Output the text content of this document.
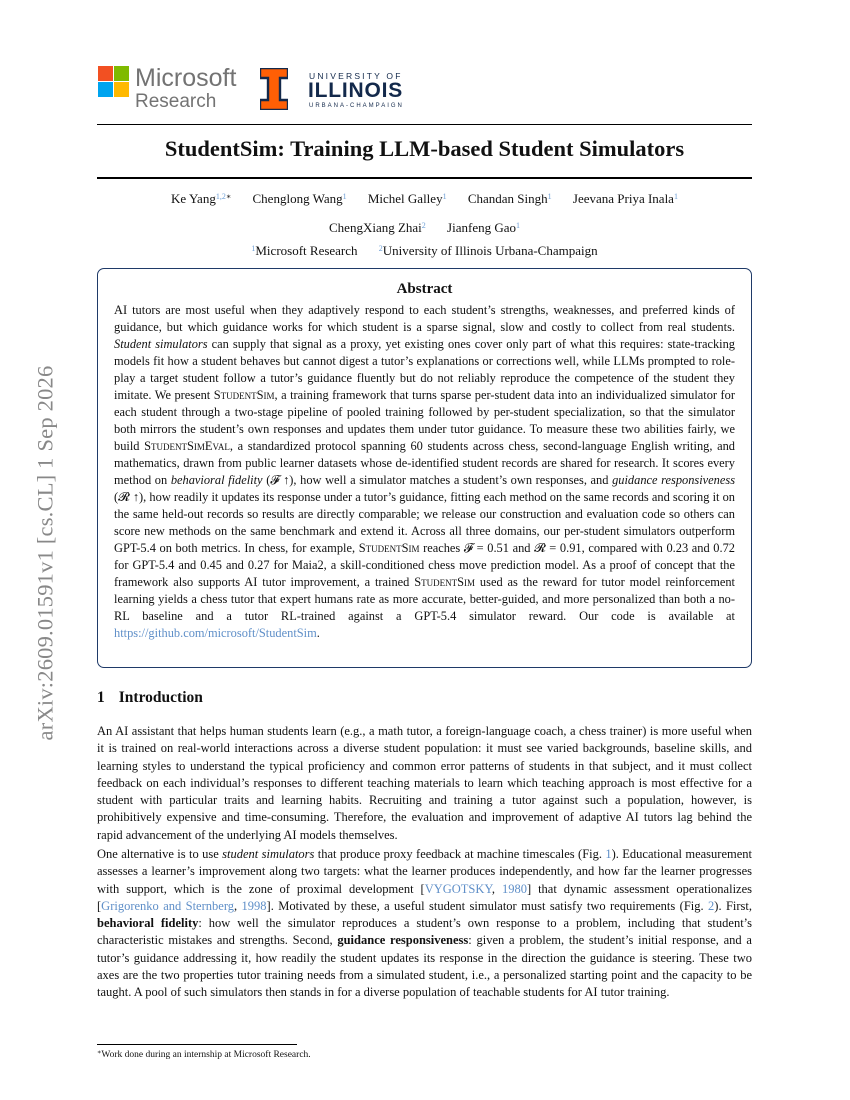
arXiv:2609.01591v1 [cs.CL] 1 Sep 2026
Microsoft
Research
UNIVERSITY OF
ILLINOIS
URBANA-CHAMPAIGN
StudentSim: Training LLM-based Student Simulators
Ke Yang$^{1,2∗}$ Chenglong Wang$^1$ Michel Galley$^1$ Chandan Singh$^1$ Jeevana Priya Inala$^1$
ChengXiang Zhai$^2$ Jianfeng Gao$^1$
$^1$Microsoft Research	$^2$University of Illinois Urbana-Champaign
Abstract
AI tutors are most useful when they adaptively respond to each student’s strengths, weaknesses, and preferred kinds of guidance, but which guidance works for which student is a sparse signal, slow and costly to collect from real students. Student simulators can supply that signal as a proxy, yet existing ones cover only part of what this requires: state-tracking models fit how a student behaves but cannot digest a tutor’s explanations or corrections well, while LLMs prompted to role-play a target student follow a tutor’s guidance fluently but do not reliably reproduce the competence of the student they imitate. We present StudentSim, a training framework that turns sparse per-student data into an individualized simulator for each student through a two-stage pipeline of pooled training followed by per-student specialization, so that the simulator both mirrors the student’s own responses and updates them under tutor guidance. To measure these two abilities fairly, we build StudentSimEval, a standardized protocol spanning 60 students across chess, second-language English writing, and mathematics, drawn from public learner datasets whose de-identified student records are shared for research. It scores every method on behavioral fidelity (𝓕 ↑), how well a simulator matches a student’s own responses, and guidance responsiveness (𝓡 ↑), how readily it updates its response under a tutor’s guidance, fitting each method on the same records and scoring it on the same held-out records so results are directly comparable; we release our construction and evaluation code so others can score new methods on the same benchmark and extend it. Across all three domains, our per-student simulators outperform GPT-5.4 on both metrics. In chess, for example, StudentSim reaches 𝓕 = 0.51 and 𝓡 = 0.91, compared with 0.23 and 0.72 for GPT-5.4 and 0.45 and 0.27 for Maia2, a skill-conditioned chess move prediction model. As a proof of concept that the framework also supports AI tutor improvement, a trained StudentSim used as the reward for tutor model reinforcement learning yields a chess tutor that expert humans rate as more accurate, better-guided, and more personalized than both a no-RL baseline and a tutor RL-trained against a GPT-5.4 simulator reward. Our code is available at https://github.com/microsoft/StudentSim.
1 Introduction
An AI assistant that helps human students learn (e.g., a math tutor, a foreign-language coach, a chess trainer) is more useful when it is trained on real-world interactions across a diverse student population: it must see varied backgrounds, baseline skills, and learning styles to understand the typical proficiency and common error patterns of students in that subject, and it must collect feedback on each individual’s responses to different teaching materials to learn which teaching approach is most effective for a student with particular traits and learning habits. Recruiting and training a tutor against such a population, however, is prohibitively expensive and time-consuming. Therefore, the evaluation and improvement of adaptive AI tutors lag behind the rapid advancement of the underlying AI models themselves.
One alternative is to use student simulators that produce proxy feedback at machine timescales (Fig. 1). Educational measurement assesses a learner’s improvement along two targets: what the learner produces independently, and how far the learner progresses with support, which is the zone of proximal development [VYGOTSKY, 1980] that dynamic assessment operationalizes [Grigorenko and Sternberg, 1998]. Motivated by these, a useful student simulator must satisfy two requirements (Fig. 2). First, behavioral fidelity: how well the simulator reproduces a student’s own response to a problem, including that student’s characteristic mistakes and strengths. Second, guidance responsiveness: given a problem, the student’s initial response, and a tutor’s guidance addressing it, how readily the student updates its response in the direction the guidance is steering. These two axes are the two properties tutor training needs from a simulated student, i.e., a personalized starting point and the capacity to be taught. A pool of such simulators then stands in for a diverse population of teachable students for AI tutor training.
∗Work done during an internship at Microsoft Research.
